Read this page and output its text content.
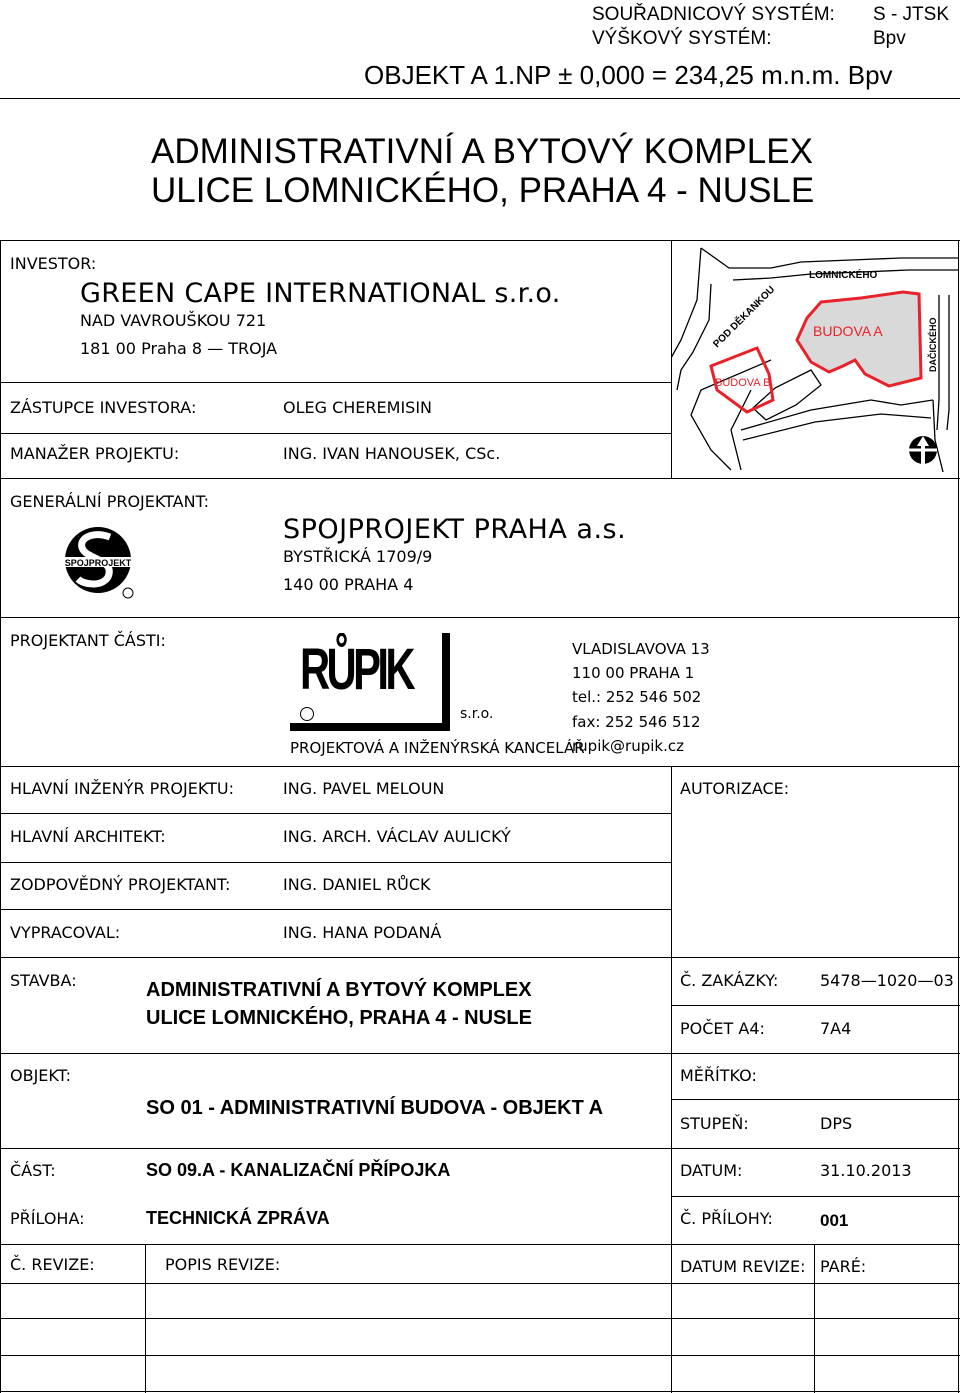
SOUŘADNICOVÝ SYSTÉM: S - JTSK
VÝŠKOVÝ SYSTÉM:	Bpv
OBJEKT A 1.NP ± 0,000 = 234,25 m.n.m. Bpv
ADMINISTRATIVNÍ A BYTOVÝ KOMPLEX
ULICE LOMNICKÉHO, PRAHA 4 - NUSLE
INVESTOR:
GREEN CAPE INTERNATIONAL s.r.o.
NAD VAVROUŠKOU 721
181 00 Praha 8 — TROJA
LOMNICKÉHO
POD DĚKANKOU	DAČICKÉHO
BUDOVA A
BUDOVA B
ZÁSTUPCE INVESTORA:	OLEG CHEREMISIN
MANAŽER PROJEKTU:	ING. IVAN HANOUSEK, CSc.
GENERÁLNÍ PROJEKTANT:
SPOJPROJEKT
SPOJPROJEKT PRAHA a.s.
BYSTŘICKÁ 1709/9
140 00 PRAHA 4
PROJEKTANT ČÁSTI: RŮPIK
s.r.o.
PROJEKTOVÁ A INŽENÝRSKÁ KANCELÁŘ
VLADISLAVOVA 13
110 00 PRAHA 1
tel.: 252 546 502
fax: 252 546 512
rupik@rupik.cz
HLAVNÍ INŽENÝR PROJEKTU:	ING. PAVEL MELOUN	AUTORIZACE:
HLAVNÍ ARCHITEKT:	ING. ARCH. VÁCLAV AULICKÝ
ZODPOVĚDNÝ PROJEKTANT:	ING. DANIEL RŮCK
VYPRACOVAL:	ING. HANA PODANÁ
STAVBA:	ADMINISTRATIVNÍ A BYTOVÝ KOMPLEX
ULICE LOMNICKÉHO, PRAHA 4 - NUSLE
Č. ZAKÁZKY:	5478—1020—03
POČET A4:	7A4
OBJEKT:
SO 01 - ADMINISTRATIVNÍ BUDOVA - OBJEKT A
MĚŘÍTKO:
STUPEŇ:	DPS
ČÁST:	SO 09.A - KANALIZAČNÍ PŘÍPOJKA	DATUM:	31.10.2013
PŘÍLOHA:	TECHNICKÁ ZPRÁVA	Č. PŘÍLOHY:	001
Č. REVIZE:	POPIS REVIZE:	DATUM REVIZE: PARÉ:
